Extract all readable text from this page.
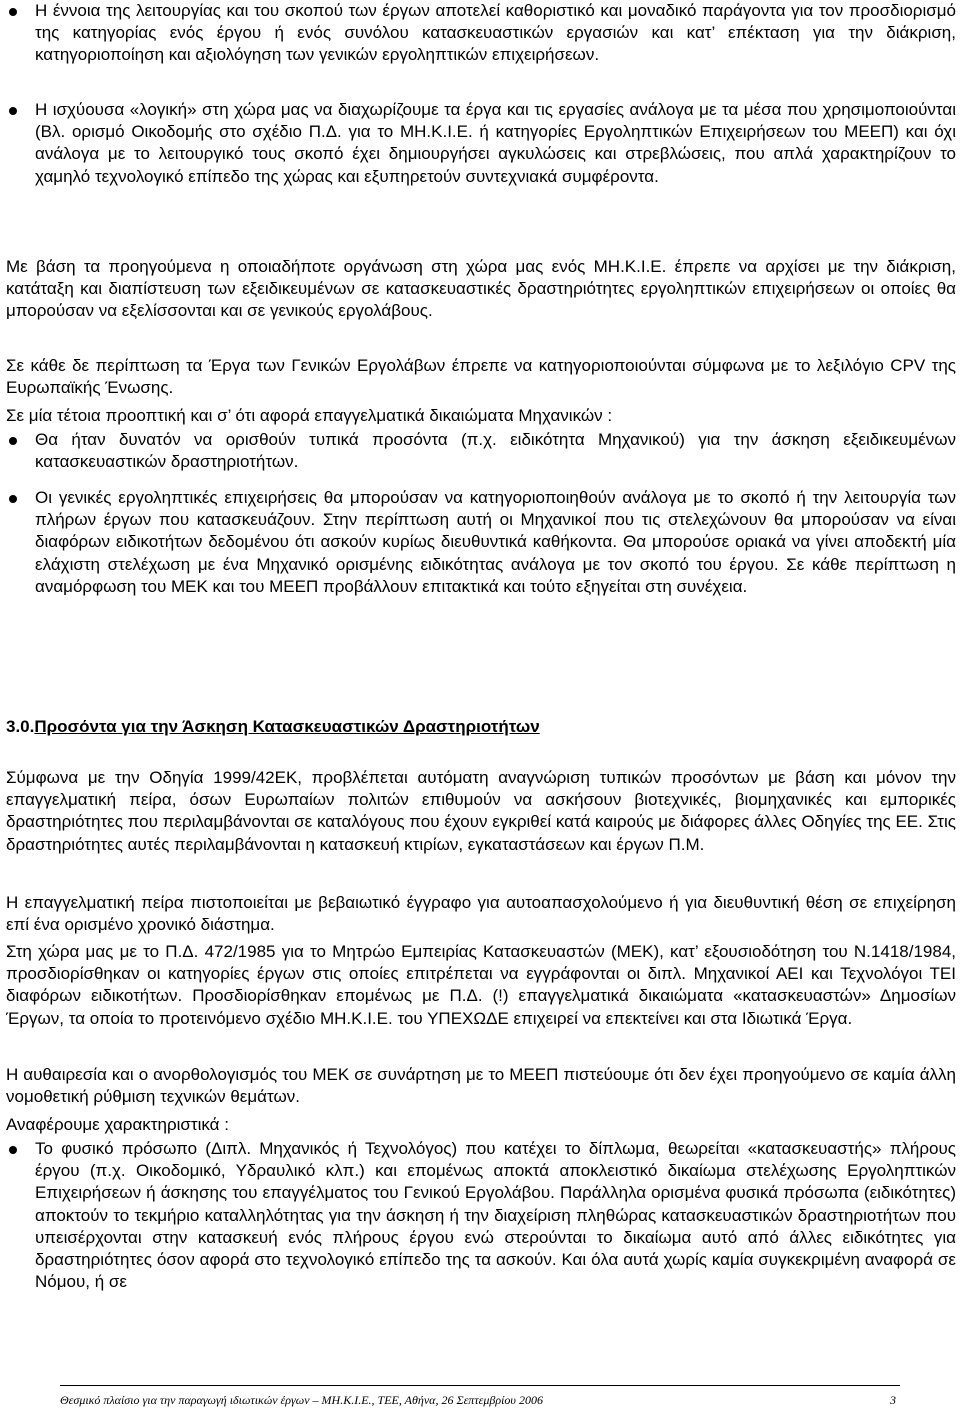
Η έννοια της λειτουργίας και του σκοπού των έργων αποτελεί καθοριστικό και μοναδικό παράγοντα για τον προσδιορισμό της κατηγορίας ενός έργου ή ενός συνόλου κατασκευαστικών εργασιών και κατ’ επέκταση για την διάκριση, κατηγοριοποίηση και αξιολόγηση των γενικών εργοληπτικών επιχειρήσεων.

Η ισχύουσα «λογική» στη χώρα μας να διαχωρίζουμε τα έργα και τις εργασίες ανάλογα με τα μέσα που χρησιμοποιούνται (Βλ. ορισμό Οικοδομής στο σχέδιο Π.Δ. για το ΜΗ.Κ.Ι.Ε. ή κατηγορίες Εργοληπτικών Επιχειρήσεων του ΜΕΕΠ) και όχι ανάλογα με το λειτουργικό τους σκοπό έχει δημιουργήσει αγκυλώσεις και στρεβλώσεις, που απλά χαρακτηρίζουν το χαμηλό τεχνολογικό επίπεδο της χώρας και εξυπηρετούν συντεχνιακά συμφέροντα.

Με βάση τα προηγούμενα η οποιαδήποτε οργάνωση στη χώρα μας ενός ΜΗ.Κ.Ι.Ε. έπρεπε να αρχίσει με την διάκριση, κατάταξη και διαπίστευση των εξειδικευμένων σε κατασκευαστικές δραστηριότητες εργοληπτικών επιχειρήσεων οι οποίες θα μπορούσαν να εξελίσσονται και σε γενικούς εργολάβους.

Σε κάθε δε περίπτωση τα Έργα των Γενικών Εργολάβων έπρεπε να κατηγοριοποιούνται σύμφωνα με το λεξιλόγιο CPV της Ευρωπαϊκής Ένωσης.

Σε μία τέτοια προοπτική και σ’ ότι αφορά επαγγελματικά δικαιώματα Μηχανικών :

Θα ήταν δυνατόν να ορισθούν τυπικά προσόντα (π.χ. ειδικότητα Μηχανικού) για την άσκηση εξειδικευμένων κατασκευαστικών δραστηριοτήτων.

Οι γενικές εργοληπτικές επιχειρήσεις θα μπορούσαν να κατηγοριοποιηθούν ανάλογα με το σκοπό ή την λειτουργία των πλήρων έργων που κατασκευάζουν. Στην περίπτωση αυτή οι Μηχανικοί που τις στελεχώνουν θα μπορούσαν να είναι διαφόρων ειδικοτήτων δεδομένου ότι ασκούν κυρίως διευθυντικά καθήκοντα. Θα μπορούσε οριακά να γίνει αποδεκτή μία ελάχιστη στελέχωση με ένα Μηχανικό ορισμένης ειδικότητας ανάλογα με τον σκοπό του έργου. Σε κάθε περίπτωση η αναμόρφωση του ΜΕΚ και του ΜΕΕΠ προβάλλουν επιτακτικά και τούτο εξηγείται στη συνέχεια.

3.0.Προσόντα για την Άσκηση Κατασκευαστικών Δραστηριοτήτων

Σύμφωνα με την Οδηγία 1999/42ΕΚ, προβλέπεται αυτόματη αναγνώριση τυπικών προσόντων με βάση και μόνον την επαγγελματική πείρα, όσων Ευρωπαίων πολιτών επιθυμούν να ασκήσουν βιοτεχνικές, βιομηχανικές και εμπορικές δραστηριότητες που περιλαμβάνονται σε καταλόγους που έχουν εγκριθεί κατά καιρούς με διάφορες άλλες Οδηγίες της ΕΕ. Στις δραστηριότητες αυτές περιλαμβάνονται η κατασκευή κτιρίων, εγκαταστάσεων και έργων Π.Μ.

Η επαγγελματική πείρα πιστοποιείται με βεβαιωτικό έγγραφο για αυτοαπασχολούμενο ή για διευθυντική θέση σε επιχείρηση επί ένα ορισμένο χρονικό διάστημα.

Στη χώρα μας με το Π.Δ. 472/1985 για το Μητρώο Εμπειρίας Κατασκευαστών (ΜΕΚ), κατ’ εξουσιοδότηση του Ν.1418/1984, προσδιορίσθηκαν οι κατηγορίες έργων στις οποίες επιτρέπεται να εγγράφονται οι διπλ. Μηχανικοί ΑΕΙ και Τεχνολόγοι ΤΕΙ διαφόρων ειδικοτήτων. Προσδιορίσθηκαν επομένως με Π.Δ. (!) επαγγελματικά δικαιώματα «κατασκευαστών» Δημοσίων Έργων, τα οποία το προτεινόμενο σχέδιο ΜΗ.Κ.Ι.Ε. του ΥΠΕΧΩΔΕ επιχειρεί να επεκτείνει και στα Ιδιωτικά Έργα.

Η αυθαιρεσία και ο ανορθολογισμός του ΜΕΚ σε συνάρτηση με το ΜΕΕΠ πιστεύουμε ότι δεν έχει προηγούμενο σε καμία άλλη νομοθετική ρύθμιση τεχνικών θεμάτων.

Αναφέρουμε χαρακτηριστικά :

Το φυσικό πρόσωπο (Διπλ. Μηχανικός ή Τεχνολόγος) που κατέχει το δίπλωμα, θεωρείται «κατασκευαστής» πλήρους έργου (π.χ. Οικοδομικό, Υδραυλικό κλπ.) και επομένως αποκτά αποκλειστικό δικαίωμα στελέχωσης Εργοληπτικών Επιχειρήσεων ή άσκησης του επαγγέλματος του Γενικού Εργολάβου. Παράλληλα ορισμένα φυσικά πρόσωπα (ειδικότητες) αποκτούν το τεκμήριο καταλληλότητας για την άσκηση ή την διαχείριση πληθώρας κατασκευαστικών δραστηριοτήτων που υπεισέρχονται στην κατασκευή ενός πλήρους έργου ενώ στερούνται το δικαίωμα αυτό από άλλες ειδικότητες για δραστηριότητες όσον αφορά στο τεχνολογικό επίπεδο της τα ασκούν. Και όλα αυτά χωρίς καμία συγκεκριμένη αναφορά σε Νόμου, ή σε

Θεσμικό πλαίσιο για την παραγωγή ιδιωτικών έργων – ΜΗ.Κ.Ι.Ε., ΤΕΕ, Αθήνα, 26 Σεπτεμβρίου 2006	3
